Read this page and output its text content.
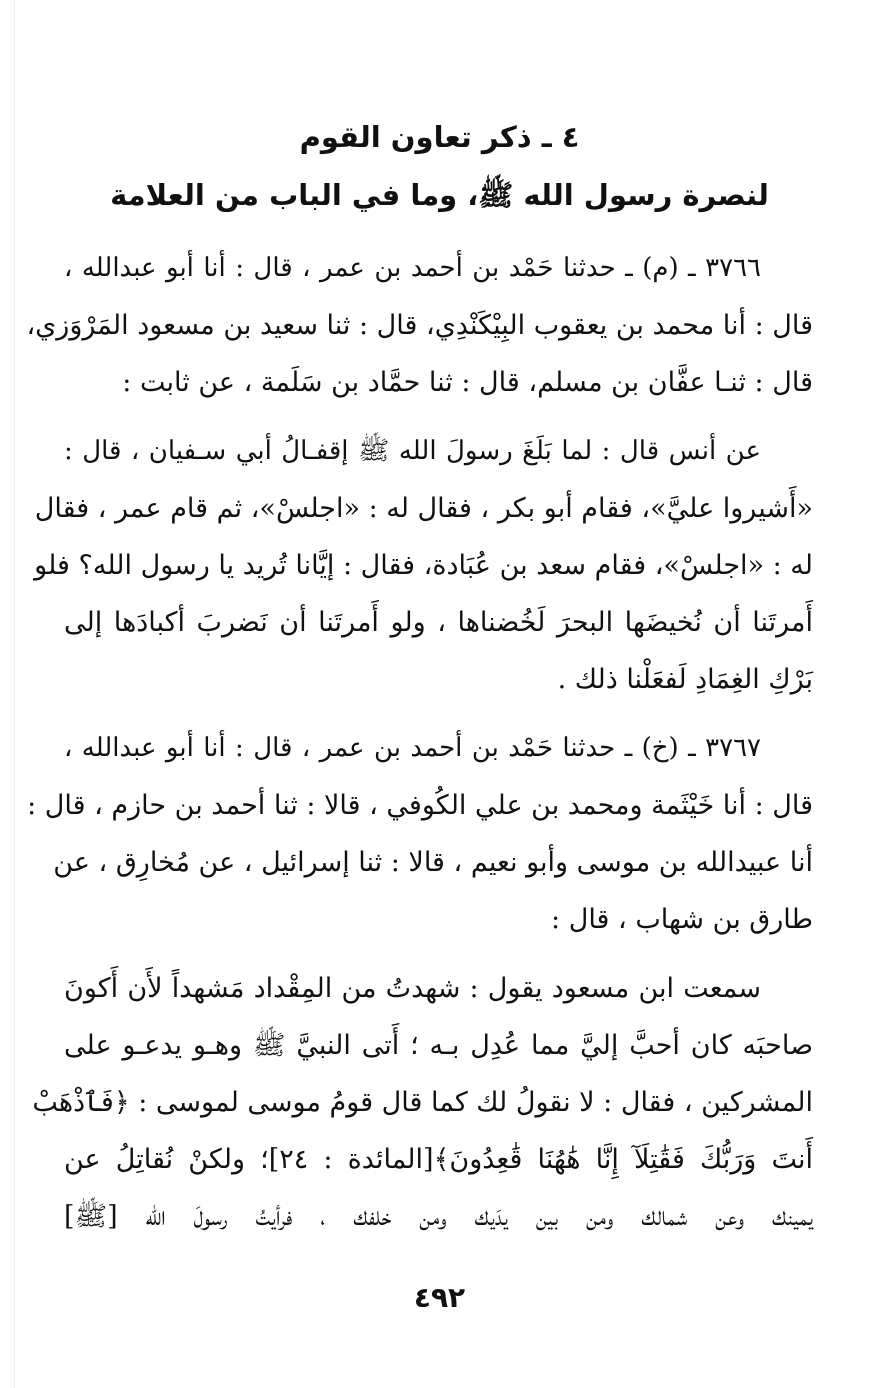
٤ ـ ذكر تعاون القوم

لنصرة رسول الله ﷺ، وما في الباب من العلامة

٣٧٦٦ ـ (م) ـ حدثنا حَمْد بن أحمد بن عمر ، قال : أنا أبو عبدالله ،
قال : أنا محمد بن يعقوب البِيْكَنْدِي، قال : ثنا سعيد بن مسعود المَرْوَزي،
قال : ثنـا عفَّان بن مسلم، قال : ثنا حمَّاد بن سَلَمة ، عن ثابت :

عن أنس قال : لما بَلَغَ رسولَ الله ﷺ إقفـالُ أبي سـفيان ، قال :
«أَشيروا عليَّ»، فقام أبو بكر ، فقال له : «اجلسْ»، ثم قام عمر ، فقال
له : «اجلسْ»، فقام سعد بن عُبَادة، فقال : إيَّانا تُريد يا رسول الله؟ فلو
أَمرتَنا أن نُخيضَها البحرَ لَخُضناها ، ولو أَمرتَنا أن نَضربَ أكبادَها إلى
بَرْكِ الغِمَادِ لَفعَلْنا ذلك .

٣٧٦٧ ـ (خ) ـ حدثنا حَمْد بن أحمد بن عمر ، قال : أنا أبو عبدالله ،
قال : أنا خَيْثَمة ومحمد بن علي الكُوفي ، قالا : ثنا أحمد بن حازم ، قال :
أنا عبيدالله بن موسى وأبو نعيم ، قالا : ثنا إسرائيل ، عن مُخارِق ، عن
طارق بن شهاب ، قال :

سمعت ابن مسعود يقول : شهدتُ من المِقْداد مَشهداً لأَن أَكونَ
صاحبَه كان أحبَّ إليَّ مما عُدِل بـه ؛ أَتى النبيَّ ﷺ وهـو يدعـو على
المشركين ، فقال : لا نقولُ لك كما قال قومُ موسى لموسى : ﴿فَٱذْهَبْ
أَنتَ وَرَبُّكَ فَقَٰتِلَآ إِنَّا هَٰهُنَا قَٰعِدُونَ﴾[المائدة : ٢٤]؛ ولكنْ نُقاتِلُ عن
يمينك وعن شمالك ومن بين يدَيك ومن خلفك ، فرأيتُ رسولَ الله [ﷺ]

٤٩٢
